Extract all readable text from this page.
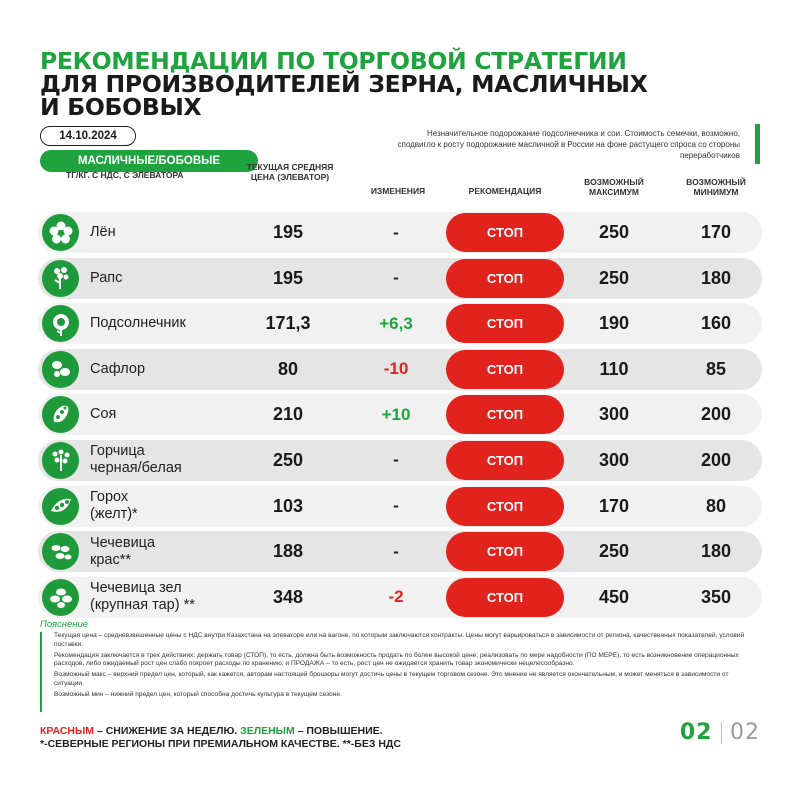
РЕКОМЕНДАЦИИ ПО ТОРГОВОЙ СТРАТЕГИИ
ДЛЯ ПРОИЗВОДИТЕЛЕЙ ЗЕРНА, МАСЛИЧНЫХ
И БОБОВЫХ
14.10.2024
МАСЛИЧНЫЕ/БОБОВЫЕ
Незначительное подорожание подсолнечника и сои. Стоимость семечки, возможно, сподвигло к росту подорожание масличной в России на фоне растущего спроса со стороны переработчиков
ТГ/КГ. С НДС, С ЭЛЕВАТОРА
ТЕКУЩАЯ СРЕДНЯЯ ЦЕНА (ЭЛЕВАТОР)
ИЗМЕНЕНИЯ	РЕКОМЕНДАЦИЯ
ВОЗМОЖНЫЙ МАКСИМУМ
ВОЗМОЖНЫЙ МИНИМУМ
Лён	195	-	СТОП	250	170
Рапс	195	-	СТОП	250	180
Подсолнечник	171,3	+6,3	СТОП	190	160
Сафлор	80	-10	СТОП	110	85
Соя	210	+10	СТОП	300	200
Горчица
черная/белая	250	-	СТОП	300	200
Горох
(желт)*	103	-	СТОП	170	80
Чечевица
крас**	188	-	СТОП	250	180
Чечевица зел
(крупная тар) **	348	-2	СТОП	450	350
Пояснение

Текущая цена – средневзвешенные цены с НДС внутри Казахстана на элеваторе или на вагоне, по которым заключаются контракты. Цены могут варьироваться в зависимости от региона, качественных показателей, условий поставки.

Рекомендация заключается в трех действиях: держать товар (СТОП), то есть, должна быть возможность продать по более высокой цене; реализовать по мере надобности (ПО МЕРЕ), то есть возникновение операционных расходов, либо ожидаемый рост цен слабо покроет расходы по хранению; и ПРОДАЖА – то есть, рост цен не ожидается хранить товар экономически нецелесообразно.

Возможный макс – верхний предел цен, который, как кажется, авторам настоящей брошюры могут достичь цены в текущем торговом сезоне. Это мнение не является окончательным, и может меняться в зависимости от ситуации.

Возможный мин – нижний предел цен, который способна достичь культура в текущем сезоне.

КРАСНЫМ – СНИЖЕНИЕ ЗА НЕДЕЛЮ. ЗЕЛЕНЫМ – ПОВЫШЕНИЕ.
*-СЕВЕРНЫЕ РЕГИОНЫ ПРИ ПРЕМИАЛЬНОМ КАЧЕСТВЕ. **-БЕЗ НДС	02 02
